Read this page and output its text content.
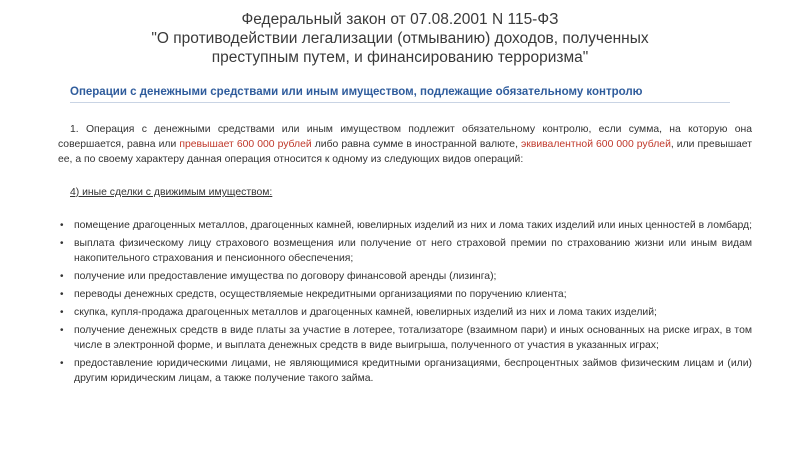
Федеральный закон от 07.08.2001 N 115-ФЗ
"О противодействии легализации (отмыванию) доходов, полученных
преступным путем, и финансированию терроризма"
Операции с денежными средствами или иным имуществом, подлежащие обязательному контролю

1. Операция с денежными средствами или иным имуществом подлежит обязательному контролю, если сумма, на которую она совершается, равна или превышает 600 000 рублей либо равна сумме в иностранной валюте, эквивалентной 600 000 рублей, или превышает ее, а по своему характеру данная операция относится к одному из следующих видов операций:

4) иные сделки с движимым имуществом:
• помещение драгоценных металлов, драгоценных камней, ювелирных изделий из них и лома таких изделий или иных ценностей в ломбард;
• выплата физическому лицу страхового возмещения или получение от него страховой премии по страхованию жизни или иным видам накопительного страхования и пенсионного обеспечения;
• получение или предоставление имущества по договору финансовой аренды (лизинга);
• переводы денежных средств, осуществляемые некредитными организациями по поручению клиента;
• скупка, купля-продажа драгоценных металлов и драгоценных камней, ювелирных изделий из них и лома таких изделий;
• получение денежных средств в виде платы за участие в лотерее, тотализаторе (взаимном пари) и иных основанных на риске играх, в том числе в электронной форме, и выплата денежных средств в виде выигрыша, полученного от участия в указанных играх;
• предоставление юридическими лицами, не являющимися кредитными организациями, беспроцентных займов физическим лицам и (или) другим юридическим лицам, а также получение такого займа.
